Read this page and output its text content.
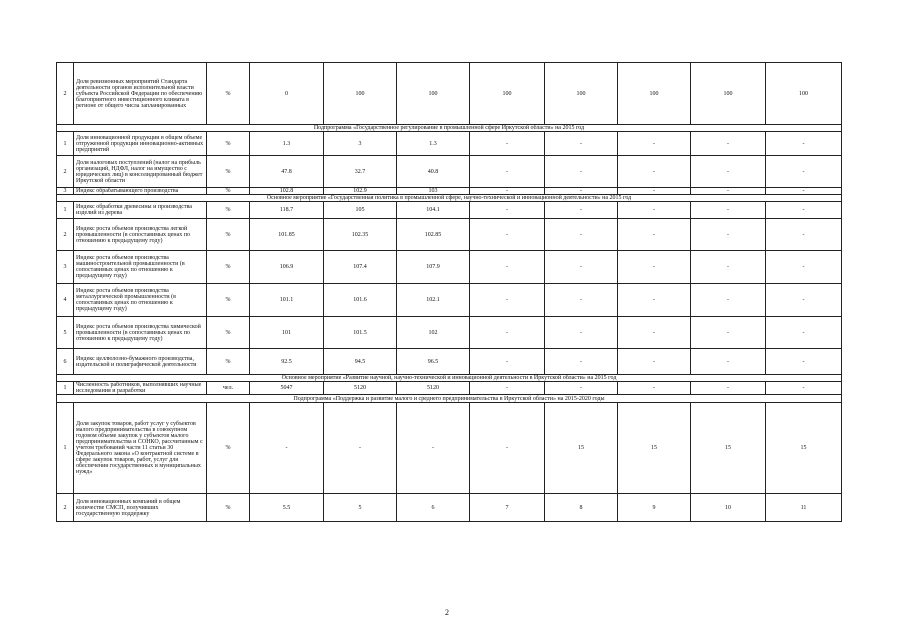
2	Доля ревизионных мероприятий Стандарта деятельности органов исполнительной власти субъекта Российской Федерации по обеспечению благоприятного инвестиционного климата в регионе от общего числа запланированных	%	0	100	100	100	100	100	100	100
Подпрограмма «Государственное регулирование в промышленной сфере Иркутской области» на 2015 год										
1	Доля инновационной продукции в общем объеме отгруженной продукции инновационно-активных предприятий	%	1.3	3	1.3	-	-	-	-	-
2	Доля налоговых поступлений (налог на прибыль организаций, НДФЛ, налог на имущество с юридических лиц) в консолидированный бюджет Иркутской области	%	47.8	32.7	40.8	-	-	-	-	-
3	Индекс обрабатывающего производства	%	102.8	102.9	103	-	-	-	-	-
Основное мероприятие «Государственная политика в промышленной сфере, научно-технической и инновационной деятельности» на 2015 год										
1	Индекс обработки древесины и производства изделий из дерева	%	118.7	105	104.1	-	-	-	-	-
2	Индекс роста объемов производства легкой промышленности (в сопоставимых ценах по отношению к предыдущему году)	%	101.85	102.35	102.85	-	-	-	-	-
3	Индекс роста объемов производства машиностроительной промышленности (в сопоставимых ценах по отношению к предыдущему году)	%	106.9	107.4	107.9	-	-	-	-	-
4	Индекс роста объемов производства металлургической промышленности (в сопоставимых ценах по отношению к предыдущему году)	%	101.1	101.6	102.1	-	-	-	-	-
5	Индекс роста объемов производства химической промышленности (в сопоставимых ценах по отношению к предыдущему году)	%	101	101.5	102	-	-	-	-	-
6	Индекс целлюлозно-бумажного производства, издательской и полиграфической деятельности	%	92.5	94.5	96.5	-	-	-	-	-
Основное мероприятие «Развитие научной, научно-технической и инновационной деятельности в Иркутской области» на 2015 год										
1	Численность работников, выполнявших научные исследования и разработки	чел.	5047	5120	5120	-	-	-	-	-
Подпрограмма «Поддержка и развитие малого и среднего предпринимательства в Иркутской области» на 2015-2020 годы										
1	Доля закупок товаров, работ услуг у субъектов малого предпринимательства в совокупном годовом объеме закупок у субъектов малого предпринимательства и СОНКО, рассчитанным с учетом требований части 11 статьи 30 Федерального закона «О контрактной системе в сфере закупок товаров, работ, услуг для обеспечения государственных и муниципальных нужд»	%	-	-	-	-	15	15	15	15
2	Доля инновационных компаний в общем количестве СМСП, получивших государственную поддержку	%	5.5	5	6	7	8	9	10	11
2
